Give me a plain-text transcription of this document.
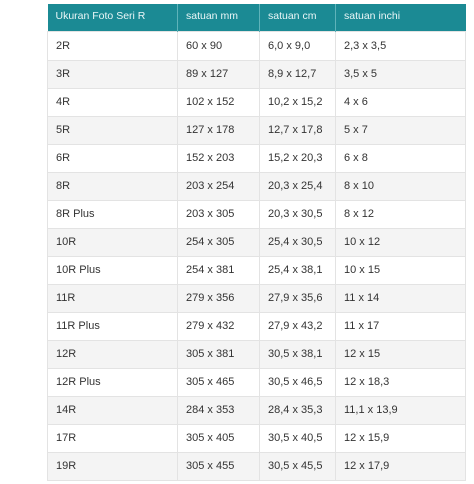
Ukuran Foto Seri R	satuan mm	satuan cm	satuan inchi
2R	60 x 90	6,0 x 9,0	2,3 x 3,5
3R	89 x 127	8,9 x 12,7	3,5 x 5
4R	102 x 152	10,2 x 15,2	4 x 6
5R	127 x 178	12,7 x 17,8	5 x 7
6R	152 x 203	15,2 x 20,3	6 x 8
8R	203 x 254	20,3 x 25,4	8 x 10
8R Plus	203 x 305	20,3 x 30,5	8 x 12
10R	254 x 305	25,4 x 30,5	10 x 12
10R Plus	254 x 381	25,4 x 38,1	10 x 15
11R	279 x 356	27,9 x 35,6	11 x 14
11R Plus	279 x 432	27,9 x 43,2	11 x 17
12R	305 x 381	30,5 x 38,1	12 x 15
12R Plus	305 x 465	30,5 x 46,5	12 x 18,3
14R	284 x 353	28,4 x 35,3	11,1 x 13,9
17R	305 x 405	30,5 x 40,5	12 x 15,9
19R	305 x 455	30,5 x 45,5	12 x 17,9
